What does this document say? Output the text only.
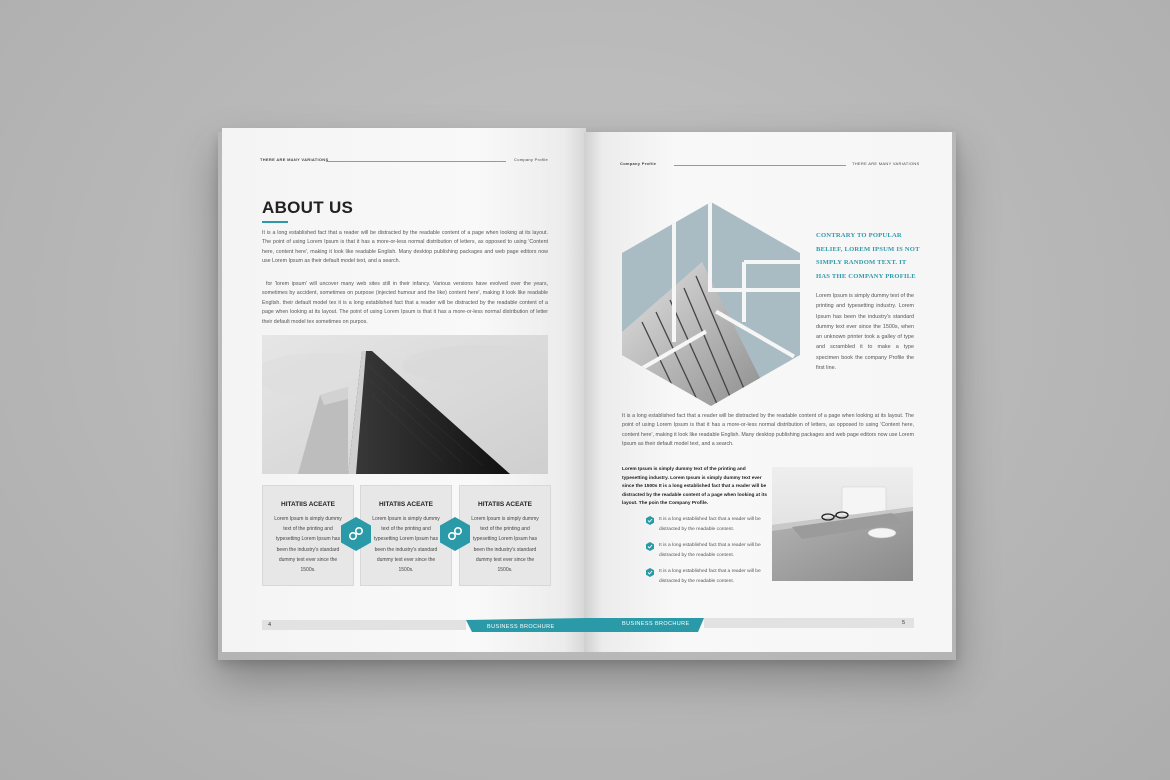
THERE ARE MANY VARIATIONS	Company Profile
ABOUT US
It is a long established fact that a reader will be distracted by the readable content of a page when looking at its layout. The point of using Lorem Ipsum is that it has a more-or-less normal distribution of letters, as opposed to using 'Content here, content here', making it look like readable English. Many desktop publishing packages and web page editors now use Lorem Ipsum as their default model text, and a search.
for 'lorem ipsum' will uncover many web sites still in their infancy. Various versions have evolved over the years, sometimes by accident, sometimes on purpose (injected humour and the like) content here', making it look like readable English. their default model tex it is a long established fact that a reader will be distracted by the readable content of a page when looking at its layout. The point of using Lorem Ipsum is that it has a more-or-less normal distribution of letter their default model tex sometimes on purpos.
HITATIIS ACEATE
Lorem Ipsum is simply dummy text of the printing and typesetting Lorem Ipsum has been the industry's standard dummy text ever since the 1500s.
HITATIIS ACEATE
Lorem Ipsum is simply dummy text of the printing and typesetting Lorem Ipsum has been the industry's standard dummy text ever since the 1500s.
HITATIIS ACEATE
Lorem Ipsum is simply dummy text of the printing and typesetting Lorem Ipsum has been the industry's standard dummy text ever since the 1500s.
4	BUSINESS BROCHURE
Company Profile	THERE ARE MANY VARIATIONS
CONTRARY TO POPULAR BELIEF, LOREM IPSUM IS NOT SIMPLY RANDOM TEXT. IT HAS THE COMPANY PROFILE
Lorem Ipsum is simply dummy text of the printing and typesetting industry. Lorem Ipsum has been the industry's standard dummy text ever since the 1500s, when an unknown printer took a galley of type and scrambled it to make a type specimen book the company Profile the first line.
It is a long established fact that a reader will be distracted by the readable content of a page when looking at its layout. The point of using Lorem Ipsum is that it has a more-or-less normal distribution of letters, as opposed to using 'Content here, content here', making it look like readable English. Many desktop publishing packages and web page editors now use Lorem Ipsum as their default model text, and a search.
Lorem Ipsum is simply dummy text of the printing and typesetting industry. Lorem Ipsum is simply dummy text ever since the 1500s It is a long established fact that a reader will be distracted by the readable content of a page when looking at its layout. The poin the Company Profile.
It is a long established fact that a reader will be distracted by the readable content.
It is a long established fact that a reader will be distracted by the readable content.
It is a long established fact that a reader will be distracted by the readable content.
BUSINESS BROCHURE	5
